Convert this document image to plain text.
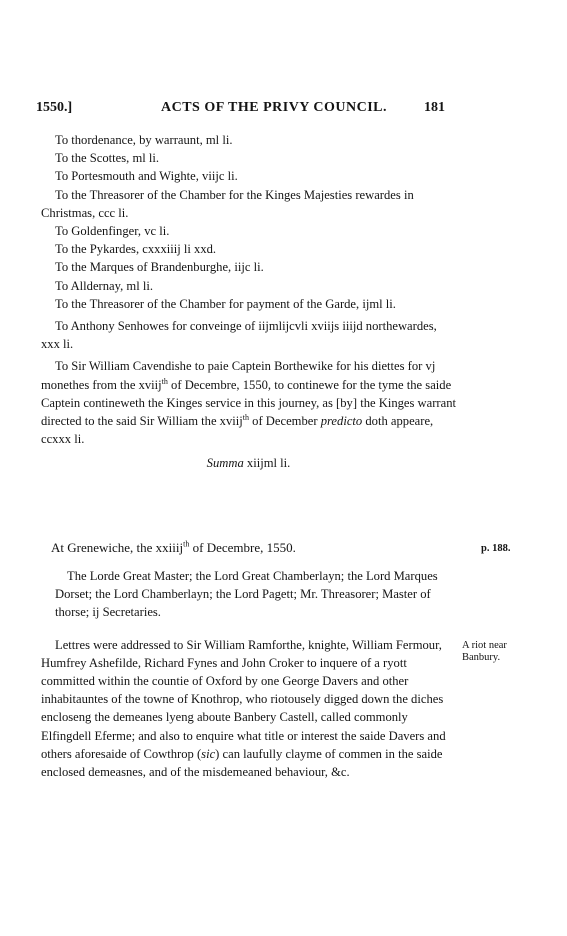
1550.]	ACTS OF THE PRIVY COUNCIL.	181

To thordenance, by warraunt, ml li.

To the Scottes, ml li.

To Portesmouth and Wighte, viijc li.

To the Threasorer of the Chamber for the Kinges Majesties rewardes in Christmas, ccc li.

To Goldenfinger, vc li.

To the Pykardes, cxxxiiij li xxd.

To the Marques of Brandenburghe, iijc li.

To Alldernay, ml li.

To the Threasorer of the Chamber for payment of the Garde, ijml li.

To Anthony Senhowes for conveinge of iijmlijcvli xviijs iiijd northewardes, xxx li.

To Sir William Cavendishe to paie Captein Borthewike for his diettes for vj monethes from the xviij$^{th}$ of Decembre, 1550, to continewe for the tyme the saide Captein contineweth the Kinges service in this journey, as [by] the Kinges warrant directed to the said Sir William the xviij$^{th}$ of December predicto doth appeare, ccxxx li.

Summa xiijml li.

At Grenewiche, the xxiiij$^{th}$ of Decembre, 1550.

The Lorde Great Master; the Lord Great Chamberlayn; the Lord Marques Dorset; the Lord Chamberlayn; the Lord Pagett; Mr. Threasorer; Master of thorse; ij Secretaries.

Lettres were addressed to Sir William Ramforthe, knighte, William Fermour, Humfrey Ashefilde, Richard Fynes and John Croker to inquere of a ryott committed within the countie of Oxford by one George Davers and other inhabitauntes of the towne of Knothrop, who riotousely digged down the diches encloseng the demeanes lyeng aboute Banbery Castell, called commonly Elfingdell Eferme; and also to enquire what title or interest the saide Davers and others aforesaide of Cowthrop (sic) can laufully clayme of commen in the saide enclosed demeasnes, and of the misdemeaned behaviour, &c.

p. 188.
A riot near Banbury.
